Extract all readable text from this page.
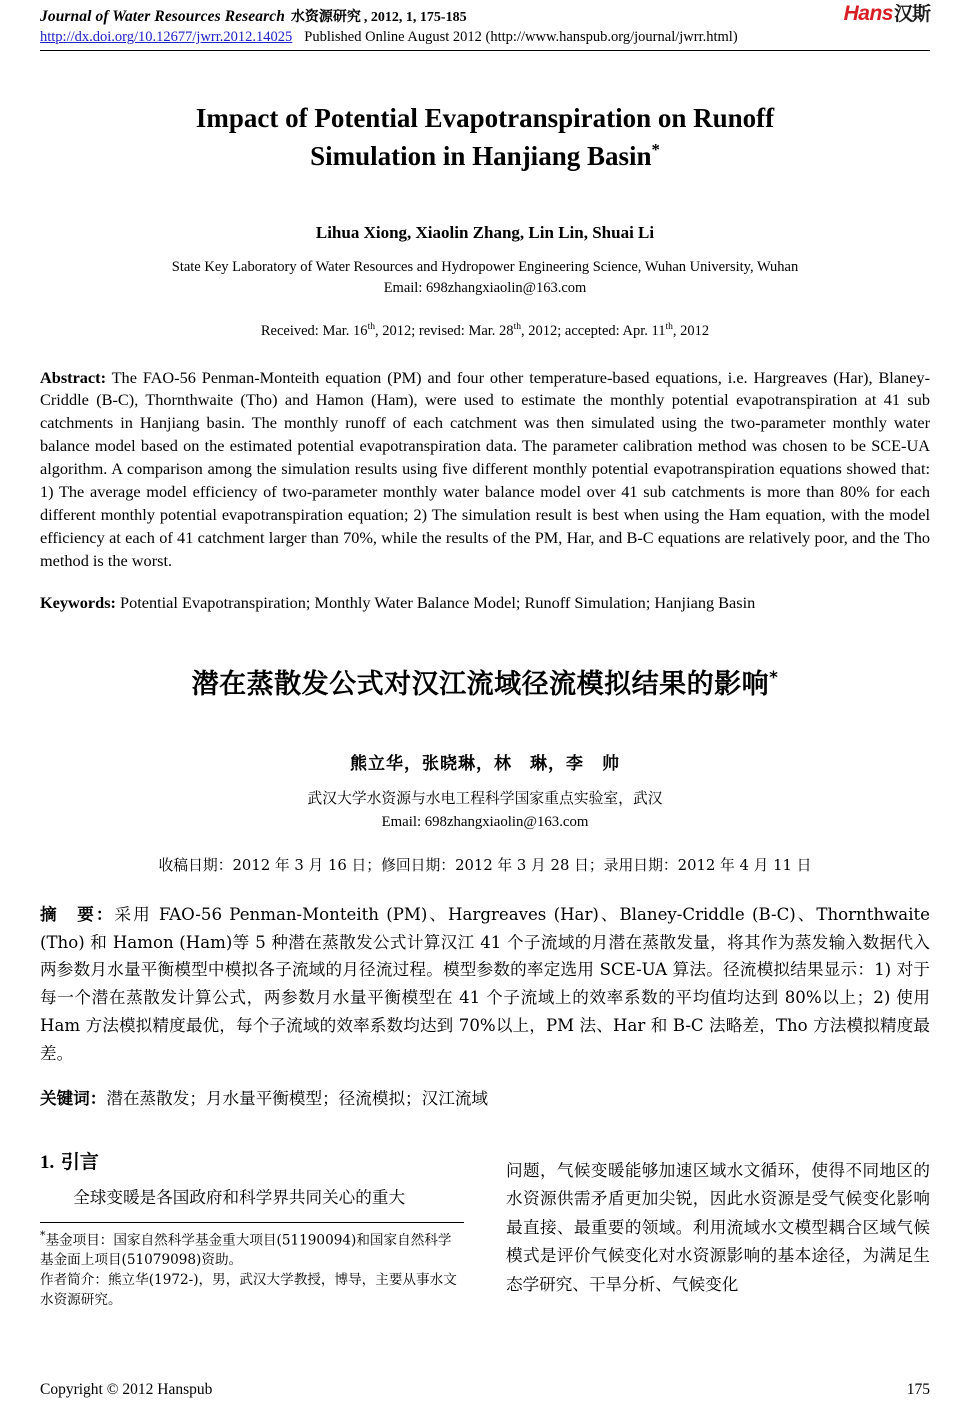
Journal of Water Resources Research 水资源研究 , 2012, 1, 175-185	Hans 汉斯
http://dx.doi.org/10.12677/jwrr.2012.14025 Published Online August 2012 (http://www.hanspub.org/journal/jwrr.html)
Impact of Potential Evapotranspiration on Runoff
Simulation in Hanjiang Basin*
Lihua Xiong, Xiaolin Zhang, Lin Lin, Shuai Li
State Key Laboratory of Water Resources and Hydropower Engineering Science, Wuhan University, Wuhan
Email: 698zhangxiaolin@163.com
Received: Mar. 16th, 2012; revised: Mar. 28th, 2012; accepted: Apr. 11th, 2012
Abstract: The FAO-56 Penman-Monteith equation (PM) and four other temperature-based equations, i.e. Hargreaves (Har), Blaney-Criddle (B-C), Thornthwaite (Tho) and Hamon (Ham), were used to estimate the monthly potential evapotranspiration at 41 sub catchments in Hanjiang basin. The monthly runoff of each catchment was then simulated using the two-parameter monthly water balance model based on the estimated potential evapotranspiration data. The parameter calibration method was chosen to be SCE-UA algorithm. A comparison among the simulation results using five different monthly potential evapotranspiration equations showed that: 1) The average model efficiency of two-parameter monthly water balance model over 41 sub catchments is more than 80% for each different monthly potential evapotranspiration equation; 2) The simulation result is best when using the Ham equation, with the model efficiency at each of 41 catchment larger than 70%, while the results of the PM, Har, and B-C equations are relatively poor, and the Tho method is the worst.
Keywords: Potential Evapotranspiration; Monthly Water Balance Model; Runoff Simulation; Hanjiang Basin
潜在蒸散发公式对汉江流域径流模拟结果的影响*
熊立华，张晓琳，林　琳，李　帅
武汉大学水资源与水电工程科学国家重点实验室，武汉
Email: 698zhangxiaolin@163.com
收稿日期：2012 年 3 月 16 日；修回日期：2012 年 3 月 28 日；录用日期：2012 年 4 月 11 日
摘　要：采用 FAO-56 Penman-Monteith (PM)、Hargreaves (Har)、Blaney-Criddle (B-C)、Thornthwaite (Tho) 和 Hamon (Ham)等 5 种潜在蒸散发公式计算汉江 41 个子流域的月潜在蒸散发量，将其作为蒸发输入数据代入两参数月水量平衡模型中模拟各子流域的月径流过程。模型参数的率定选用 SCE-UA 算法。径流模拟结果显示：1) 对于每一个潜在蒸散发计算公式，两参数月水量平衡模型在 41 个子流域上的效率系数的平均值均达到 80%以上；2) 使用 Ham 方法模拟精度最优，每个子流域的效率系数均达到 70%以上，PM 法、Har 和 B-C 法略差，Tho 方法模拟精度最差。
关键词：潜在蒸散发；月水量平衡模型；径流模拟；汉江流域
1. 引言
全球变暖是各国政府和科学界共同关心的重大
*基金项目：国家自然科学基金重大项目(51190094)和国家自然科学基金面上项目(51079098)资助。
作者简介：熊立华(1972-)，男，武汉大学教授，博导，主要从事水文水资源研究。
问题，气候变暖能够加速区域水文循环，使得不同地区的水资源供需矛盾更加尖锐，因此水资源是受气候变化影响最直接、最重要的领域。利用流域水文模型耦合区域气候模式是评价气候变化对水资源影响的基本途径，为满足生态学研究、干旱分析、气候变化
Copyright © 2012 Hanspub	175
